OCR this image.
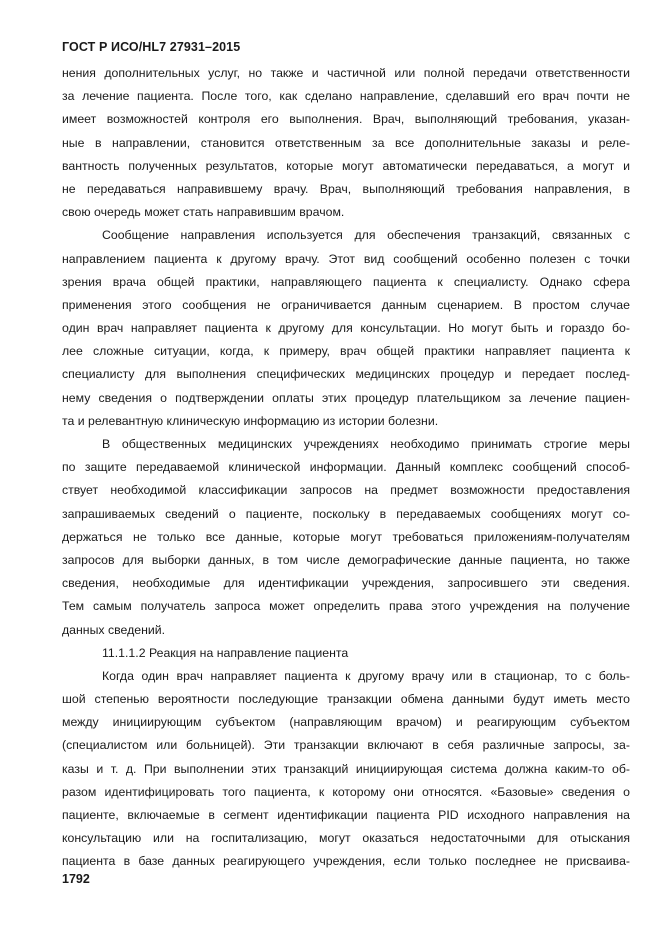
ГОСТ Р ИСО/HL7 27931–2015
нения дополнительных услуг, но также и частичной или полной передачи ответственности
за лечение пациента. После того, как сделано направление, сделавший его врач почти не
имеет возможностей контроля его выполнения. Врач, выполняющий требования, указан-
ные в направлении, становится ответственным за все дополнительные заказы и реле-
вантность полученных результатов, которые могут автоматически передаваться, а могут и
не передаваться направившему врачу. Врач, выполняющий требования направления, в
свою очередь может стать направившим врачом.
Сообщение направления используется для обеспечения транзакций, связанных с
направлением пациента к другому врачу. Этот вид сообщений особенно полезен с точки
зрения врача общей практики, направляющего пациента к специалисту. Однако сфера
применения этого сообщения не ограничивается данным сценарием. В простом случае
один врач направляет пациента к другому для консультации. Но могут быть и гораздо бо-
лее сложные ситуации, когда, к примеру, врач общей практики направляет пациента к
специалисту для выполнения специфических медицинских процедур и передает послед-
нему сведения о подтверждении оплаты этих процедур плательщиком за лечение пациен-
та и релевантную клиническую информацию из истории болезни.
В общественных медицинских учреждениях необходимо принимать строгие меры
по защите передаваемой клинической информации. Данный комплекс сообщений способ-
ствует необходимой классификации запросов на предмет возможности предоставления
запрашиваемых сведений о пациенте, поскольку в передаваемых сообщениях могут со-
держаться не только все данные, которые могут требоваться приложениям-получателям
запросов для выборки данных, в том числе демографические данные пациента, но также
сведения, необходимые для идентификации учреждения, запросившего эти сведения.
Тем самым получатель запроса может определить права этого учреждения на получение
данных сведений.
11.1.1.2 Реакция на направление пациента
Когда один врач направляет пациента к другому врачу или в стационар, то с боль-
шой степенью вероятности последующие транзакции обмена данными будут иметь место
между инициирующим субъектом (направляющим врачом) и реагирующим субъектом
(специалистом или больницей). Эти транзакции включают в себя различные запросы, за-
казы и т. д. При выполнении этих транзакций инициирующая система должна каким-то об-
разом идентифицировать того пациента, к которому они относятся. «Базовые» сведения о
пациенте, включаемые в сегмент идентификации пациента PID исходного направления на
консультацию или на госпитализацию, могут оказаться недостаточными для отыскания
пациента в базе данных реагирующего учреждения, если только последнее не присваива-
1792
